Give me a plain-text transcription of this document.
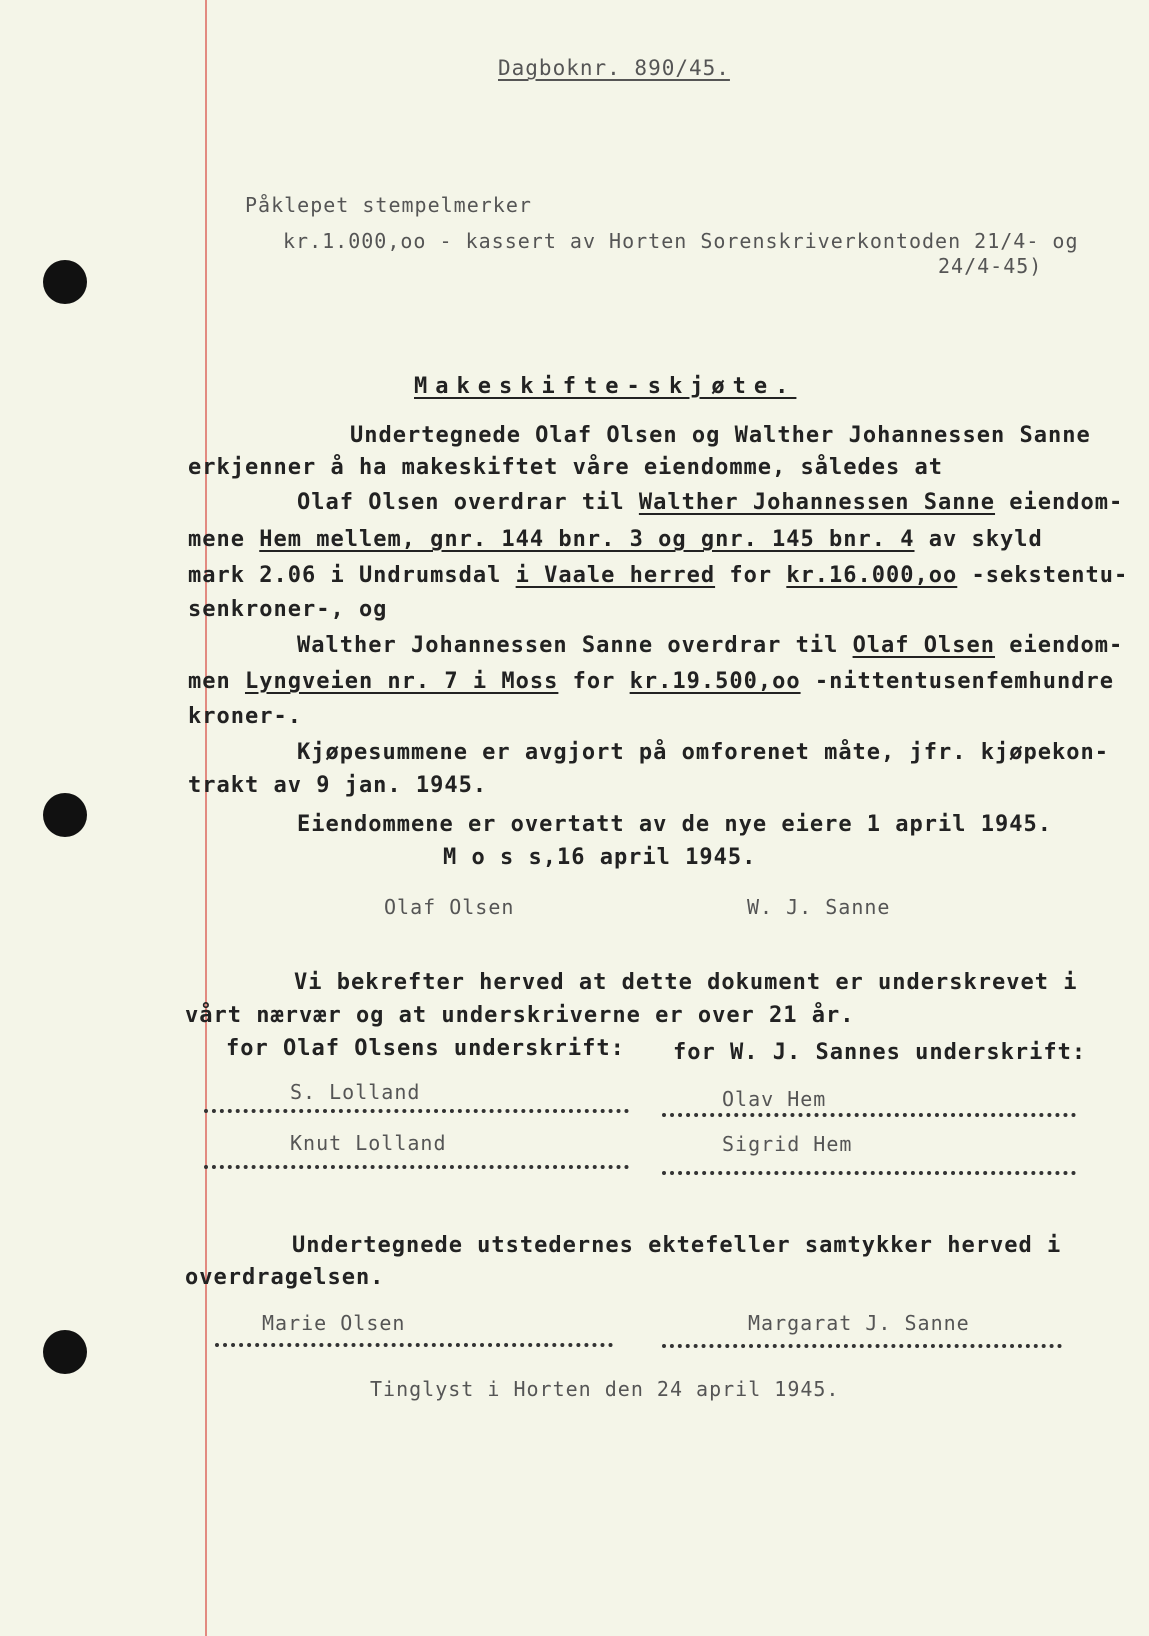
Dagboknr. 890/45.
Påklepet stempelmerker
kr.1.000,oo - kassert av Horten Sorenskriverkontoden 21/4- og
24/4-45)
Makeskifte-skjøte.
Undertegnede Olaf Olsen og Walther Johannessen Sanne
erkjenner å ha makeskiftet våre eiendomme, således at
Olaf Olsen overdrar til Walther Johannessen Sanne eiendom-
mene Hem mellem, gnr. 144 bnr. 3 og gnr. 145 bnr. 4 av skyld
mark 2.06 i Undrumsdal i Vaale herred for kr.16.000,oo -sekstentu-
senkroner-, og
Walther Johannessen Sanne overdrar til Olaf Olsen eiendom-
men Lyngveien nr. 7 i Moss for kr.19.500,oo -nittentusenfemhundre
kroner-.
Kjøpesummene er avgjort på omforenet måte, jfr. kjøpekon-
trakt av 9 jan. 1945.
Eiendommene er overtatt av de nye eiere 1 april 1945.
M o s s,16 april 1945.
Olaf Olsen	W. J. Sanne
Vi bekrefter herved at dette dokument er underskrevet i
vårt nærvær og at underskriverne er over 21 år.
for Olaf Olsens underskrift: for W. J. Sannes underskrift:
S. Lolland	Olav Hem
Knut Lolland	Sigrid Hem
Undertegnede utstedernes ektefeller samtykker herved i
overdragelsen.
Marie Olsen	Margarat J. Sanne
Tinglyst i Horten den 24 april 1945.
